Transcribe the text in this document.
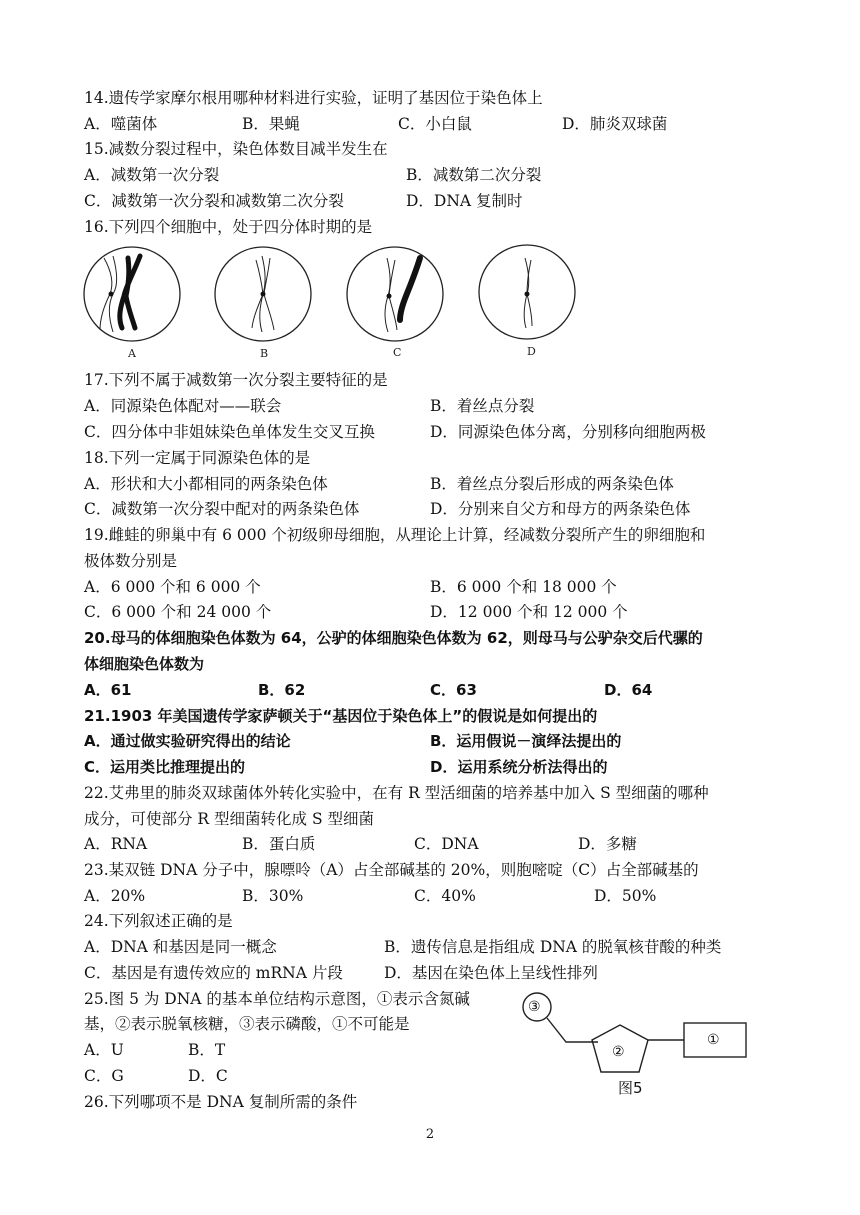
14.遗传学家摩尔根用哪种材料进行实验，证明了基因位于染色体上
A．噬菌体	B．果蝇	C．小白鼠	D．肺炎双球菌
15.减数分裂过程中，染色体数目减半发生在
A．减数第一次分裂	B．减数第二次分裂
C．减数第一次分裂和减数第二次分裂	D．DNA 复制时
16.下列四个细胞中，处于四分体时期的是
A	B	C	D
17.下列不属于减数第一次分裂主要特征的是
A．同源染色体配对——联会	B．着丝点分裂
C．四分体中非姐妹染色单体发生交叉互换	D．同源染色体分离，分别移向细胞两极
18.下列一定属于同源染色体的是
A．形状和大小都相同的两条染色体	B．着丝点分裂后形成的两条染色体
C．减数第一次分裂中配对的两条染色体	D．分别来自父方和母方的两条染色体
19.雌蛙的卵巢中有 6 000 个初级卵母细胞，从理论上计算，经减数分裂所产生的卵细胞和
极体数分别是
A．6 000 个和 6 000 个	B．6 000 个和 18 000 个
C．6 000 个和 24 000 个	D．12 000 个和 12 000 个
20.母马的体细胞染色体数为 64，公驴的体细胞染色体数为 62，则母马与公驴杂交后代骡的
体细胞染色体数为
A．61	B．62	C．63	D．64
21.1903 年美国遗传学家萨顿关于“基因位于染色体上”的假说是如何提出的
A．通过做实验研究得出的结论	B．运用假说－演绎法提出的
C．运用类比推理提出的	D．运用系统分析法得出的
22.艾弗里的肺炎双球菌体外转化实验中，在有 R 型活细菌的培养基中加入 S 型细菌的哪种
成分，可使部分 R 型细菌转化成 S 型细菌
A．RNA	B．蛋白质	C．DNA	D．多糖
23.某双链 DNA 分子中，腺嘌呤（A）占全部碱基的 20%，则胞嘧啶（C）占全部碱基的
A．20%	B．30%	C．40%	D．50%
24.下列叙述正确的是
A．DNA 和基因是同一概念	B．遗传信息是指组成 DNA 的脱氧核苷酸的种类
C．基因是有遗传效应的 mRNA 片段	D．基因在染色体上呈线性排列
25.图 5 为 DNA 的基本单位结构示意图，①表示含氮碱
基，②表示脱氧核糖，③表示磷酸，①不可能是
A．U	B．T
C．G	D．C
③
②
①
图5
26.下列哪项不是 DNA 复制所需的条件
2
